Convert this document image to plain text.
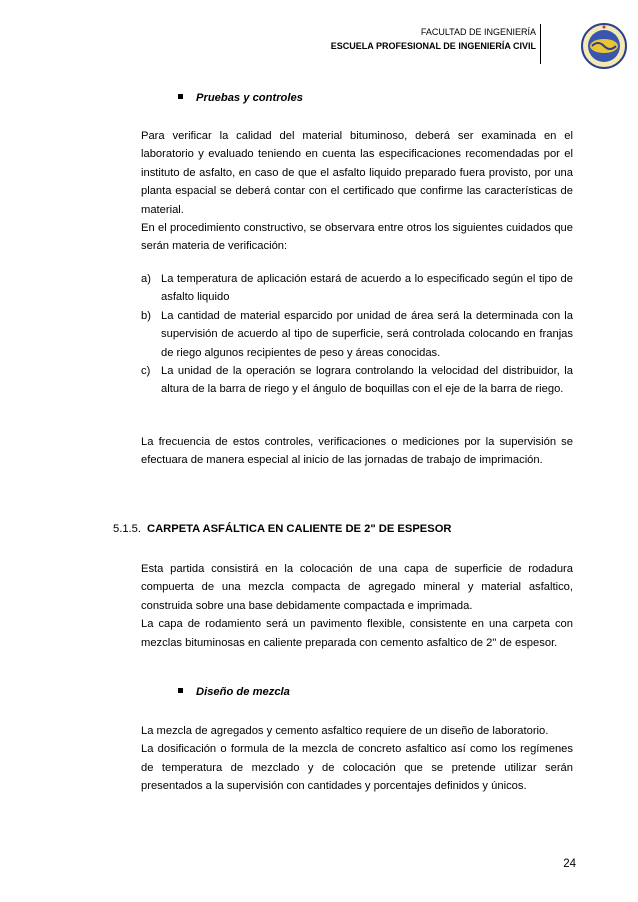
FACULTAD DE INGENIERÍA
ESCUELA PROFESIONAL DE INGENIERÍA CIVIL
Pruebas y controles

Para verificar la calidad del material bituminoso, deberá ser examinada en el laboratorio y evaluado teniendo en cuenta las especificaciones recomendadas por el instituto de asfalto, en caso de que el asfalto liquido preparado fuera provisto, por una planta espacial se deberá contar con el certificado que confirme las características de material.

En el procedimiento constructivo, se observara entre otros los siguientes cuidados que serán materia de verificación:

a) La temperatura de aplicación estará de acuerdo a lo especificado según el tipo de asfalto liquido
b) La cantidad de material esparcido por unidad de área será la determinada con la supervisión de acuerdo al tipo de superficie, será controlada colocando en franjas de riego algunos recipientes de peso y áreas conocidas.
c) La unidad de la operación se lograra controlando la velocidad del distribuidor, la altura de la barra de riego y el ángulo de boquillas con el eje de la barra de riego.

La frecuencia de estos controles, verificaciones o mediciones por la supervisión se efectuara de manera especial al inicio de las jornadas de trabajo de imprimación.

5.1.5. CARPETA ASFÁLTICA EN CALIENTE DE 2" DE ESPESOR

Esta partida consistirá en la colocación de una capa de superficie de rodadura compuerta de una mezcla compacta de agregado mineral y material asfaltico, construida sobre una base debidamente compactada e imprimada.

La capa de rodamiento será un pavimento flexible, consistente en una carpeta con mezclas bituminosas en caliente preparada con cemento asfaltico de 2" de espesor.

Diseño de mezcla

La mezcla de agregados y cemento asfaltico requiere de un diseño de laboratorio.

La dosificación o formula de la mezcla de concreto asfaltico así como los regímenes de temperatura de mezclado y de colocación que se pretende utilizar serán presentados a la supervisión con cantidades y porcentajes definidos y únicos.

24
